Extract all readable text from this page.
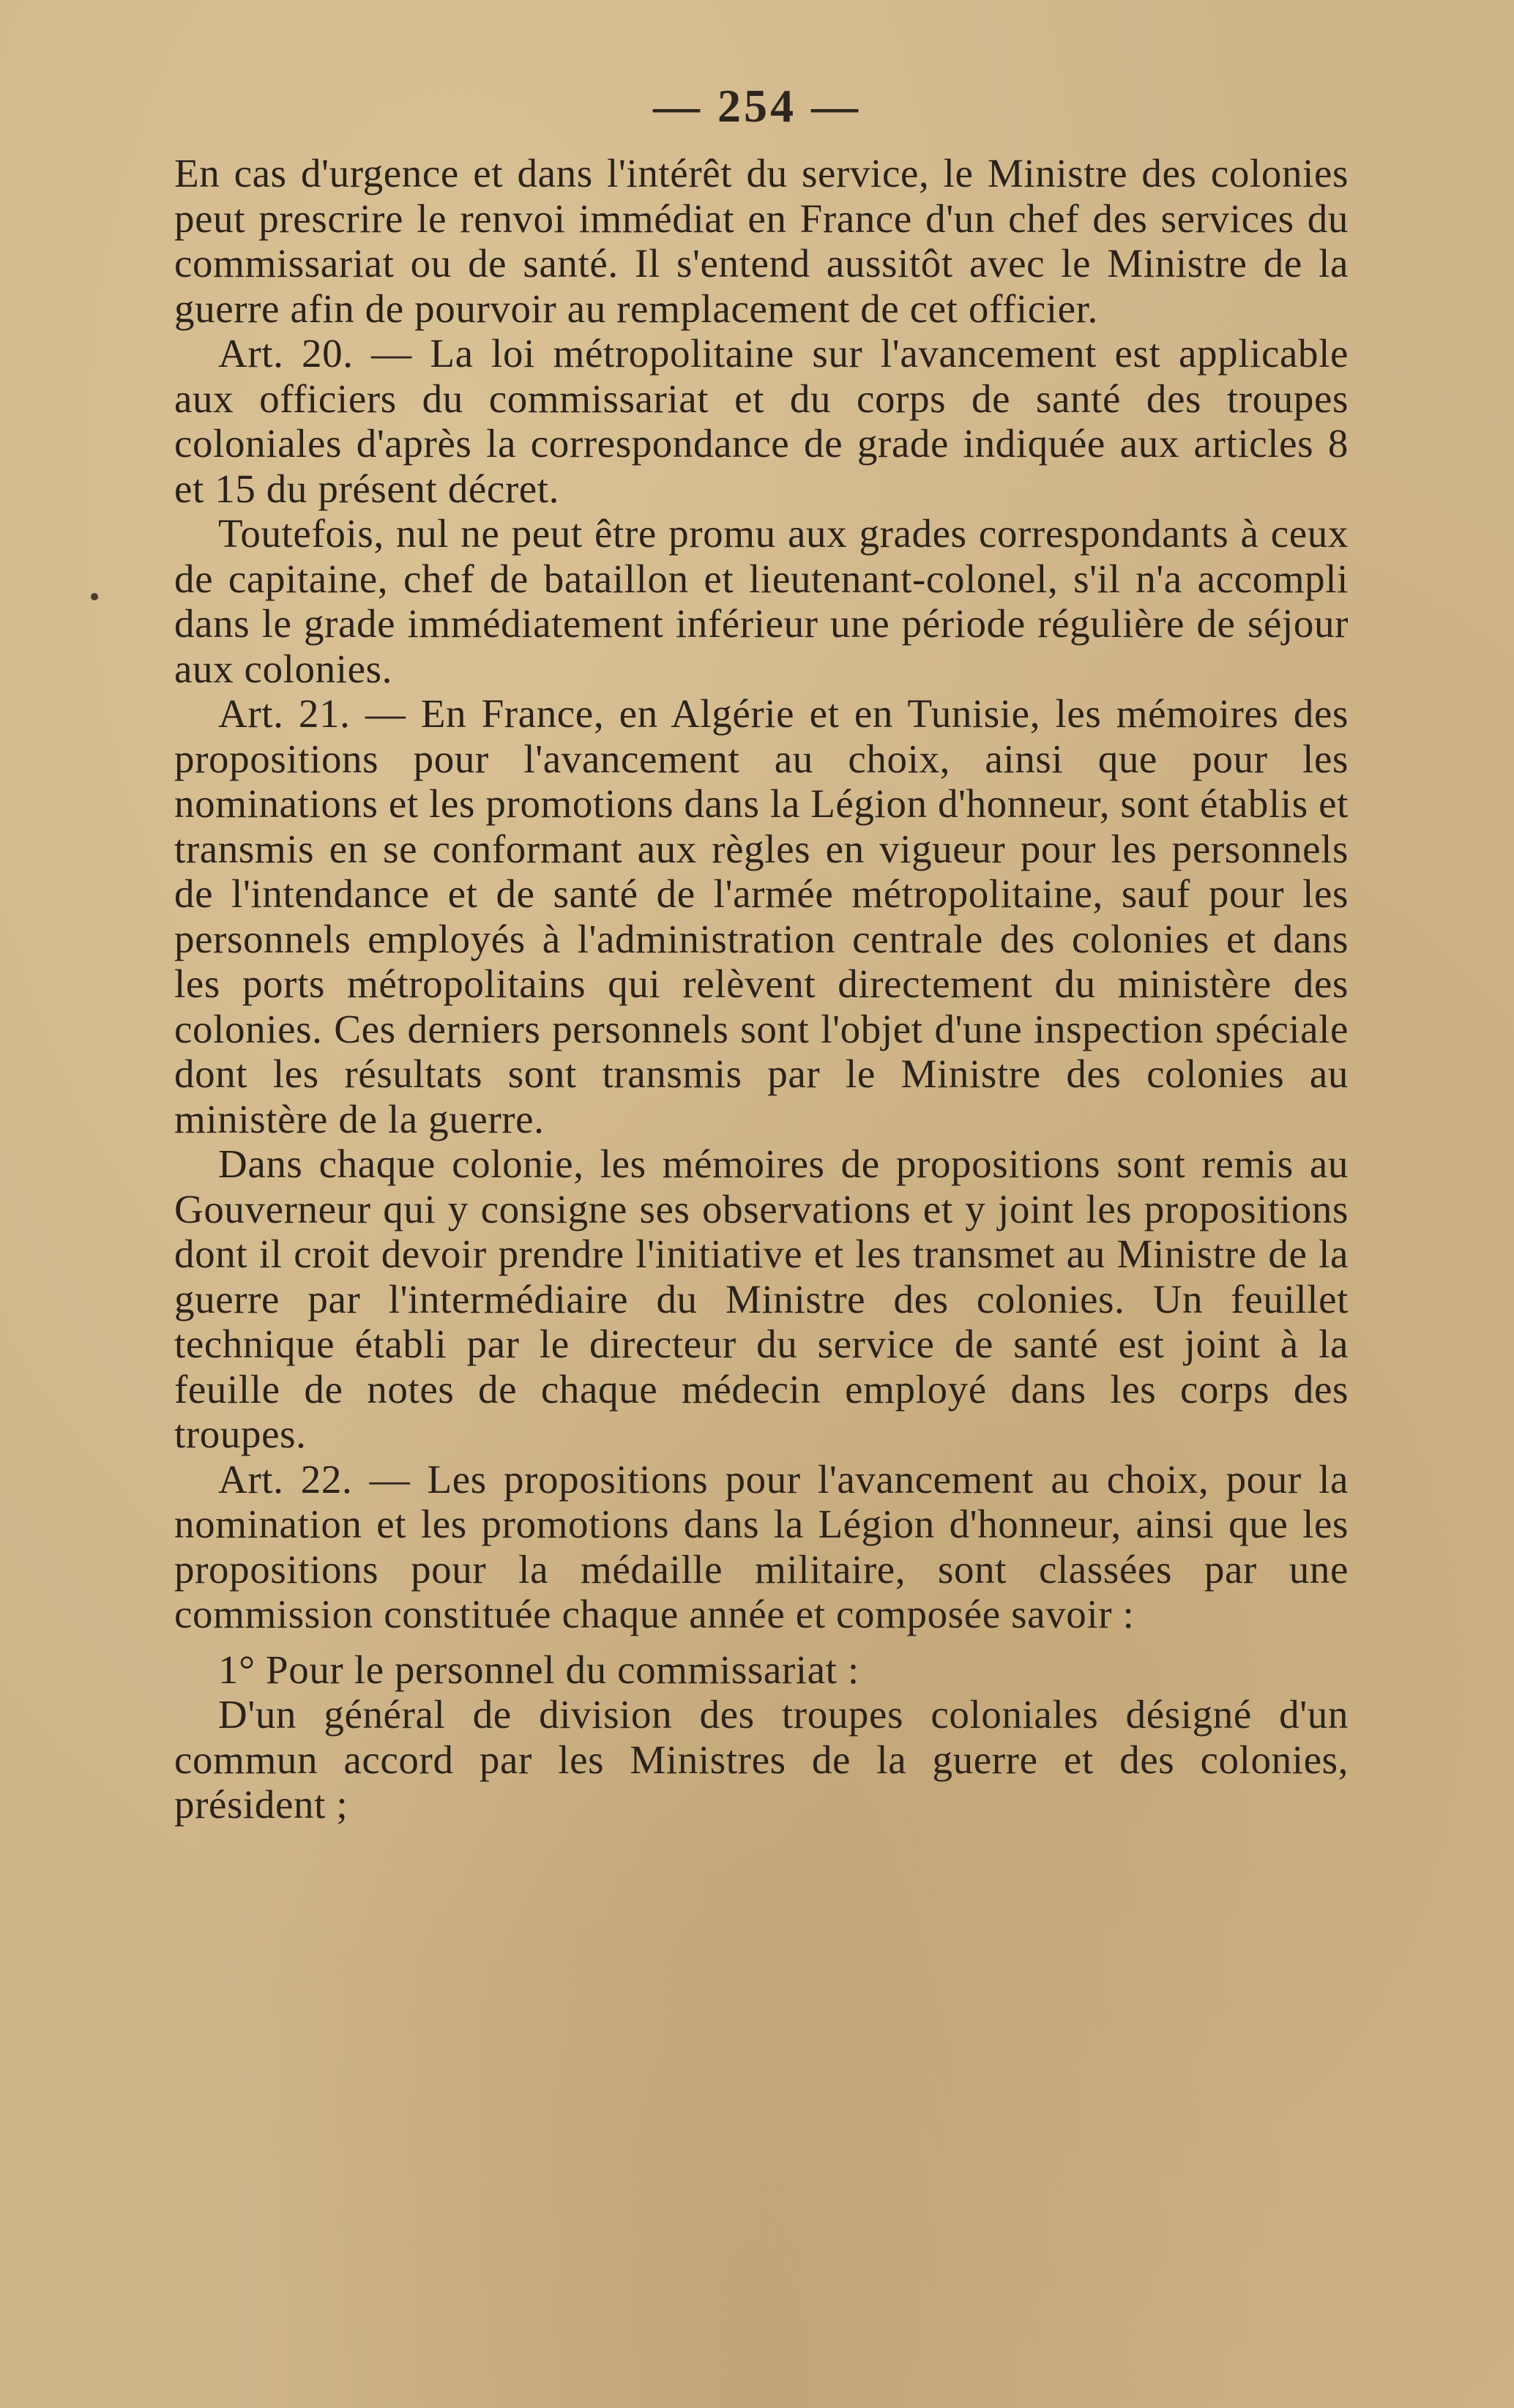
— 254 —

En cas d'urgence et dans l'intérêt du service, le Ministre des colonies peut prescrire le renvoi immédiat en France d'un chef des services du commissariat ou de santé. Il s'entend aussitôt avec le Ministre de la guerre afin de pourvoir au remplacement de cet officier.

Art. 20. — La loi métropolitaine sur l'avancement est applicable aux officiers du commissariat et du corps de santé des troupes coloniales d'après la correspondance de grade indiquée aux articles 8 et 15 du présent décret.

Toutefois, nul ne peut être promu aux grades correspondants à ceux de capitaine, chef de bataillon et lieutenant-colonel, s'il n'a accompli dans le grade immédiatement inférieur une période régulière de séjour aux colonies.

Art. 21. — En France, en Algérie et en Tunisie, les mémoires des propositions pour l'avancement au choix, ainsi que pour les nominations et les promotions dans la Légion d'honneur, sont établis et transmis en se conformant aux règles en vigueur pour les personnels de l'intendance et de santé de l'armée métropolitaine, sauf pour les personnels employés à l'administration centrale des colonies et dans les ports métropolitains qui relèvent directement du ministère des colonies. Ces derniers personnels sont l'objet d'une inspection spéciale dont les résultats sont transmis par le Ministre des colonies au ministère de la guerre.

Dans chaque colonie, les mémoires de propositions sont remis au Gouverneur qui y consigne ses observations et y joint les propositions dont il croit devoir prendre l'initiative et les transmet au Ministre de la guerre par l'intermédiaire du Ministre des colonies. Un feuillet technique établi par le directeur du service de santé est joint à la feuille de notes de chaque médecin employé dans les corps des troupes.

Art. 22. — Les propositions pour l'avancement au choix, pour la nomination et les promotions dans la Légion d'honneur, ainsi que les propositions pour la médaille militaire, sont classées par une commission constituée chaque année et composée savoir :

1° Pour le personnel du commissariat :

D'un général de division des troupes coloniales désigné d'un commun accord par les Ministres de la guerre et des colonies, président ;
